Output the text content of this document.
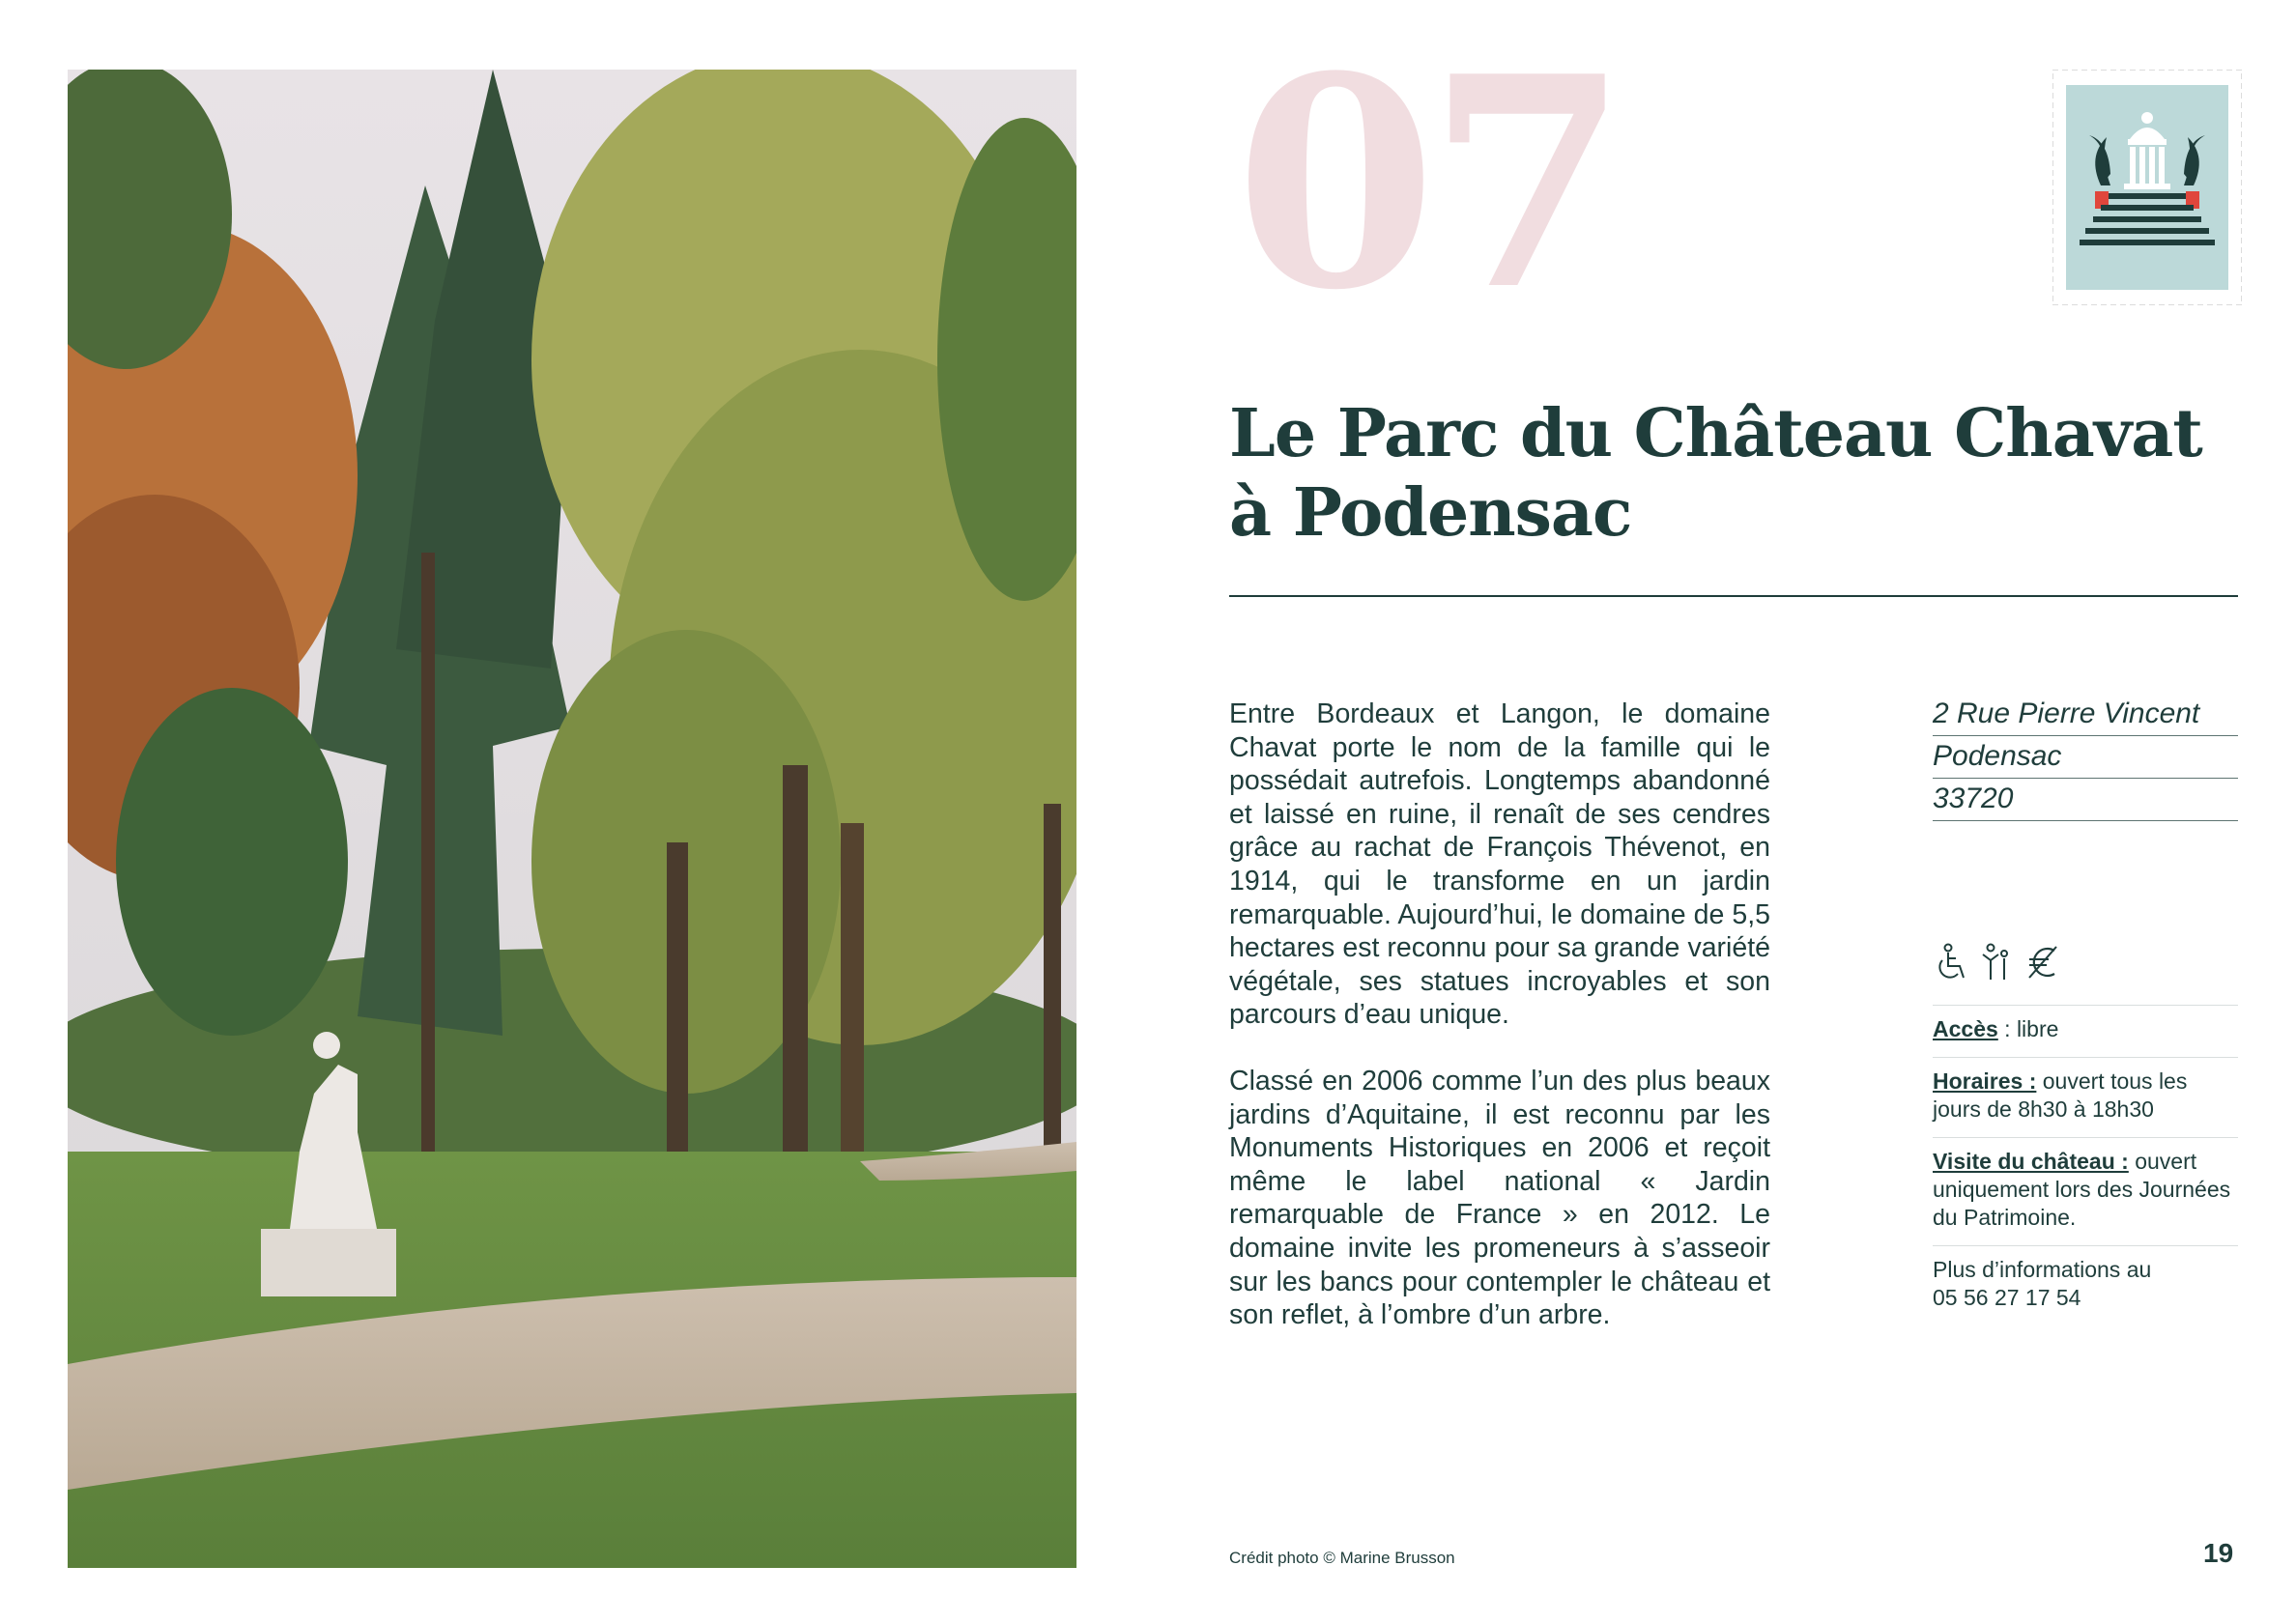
07
Le Parc du Château Chavat
à Podensac

Entre Bordeaux et Langon, le domaine Chavat porte le nom de la famille qui le possédait autrefois. Longtemps abandonné et laissé en ruine, il renaît de ses cendres grâce au rachat de François Thévenot, en 1914, qui le transforme en un jardin remarquable. Aujourd’hui, le domaine de 5,5 hectares est reconnu pour sa grande variété végétale, ses statues incroyables et son parcours d’eau unique.

Classé en 2006 comme l’un des plus beaux jardins d’Aquitaine, il est reconnu par les Monuments Historiques en 2006 et reçoit même le label national « Jardin remarquable de France » en 2012. Le domaine invite les promeneurs à s’asseoir sur les bancs pour contempler le château et son reflet, à l’ombre d’un arbre.

2 Rue Pierre Vincent
Podensac
33720
Accès : libre
Horaires : ouvert tous les jours de 8h30 à 18h30
Visite du château : ouvert uniquement lors des Journées du Patrimoine.
Plus d’informations au
05 56 27 17 54
Crédit photo © Marine Brusson	19
